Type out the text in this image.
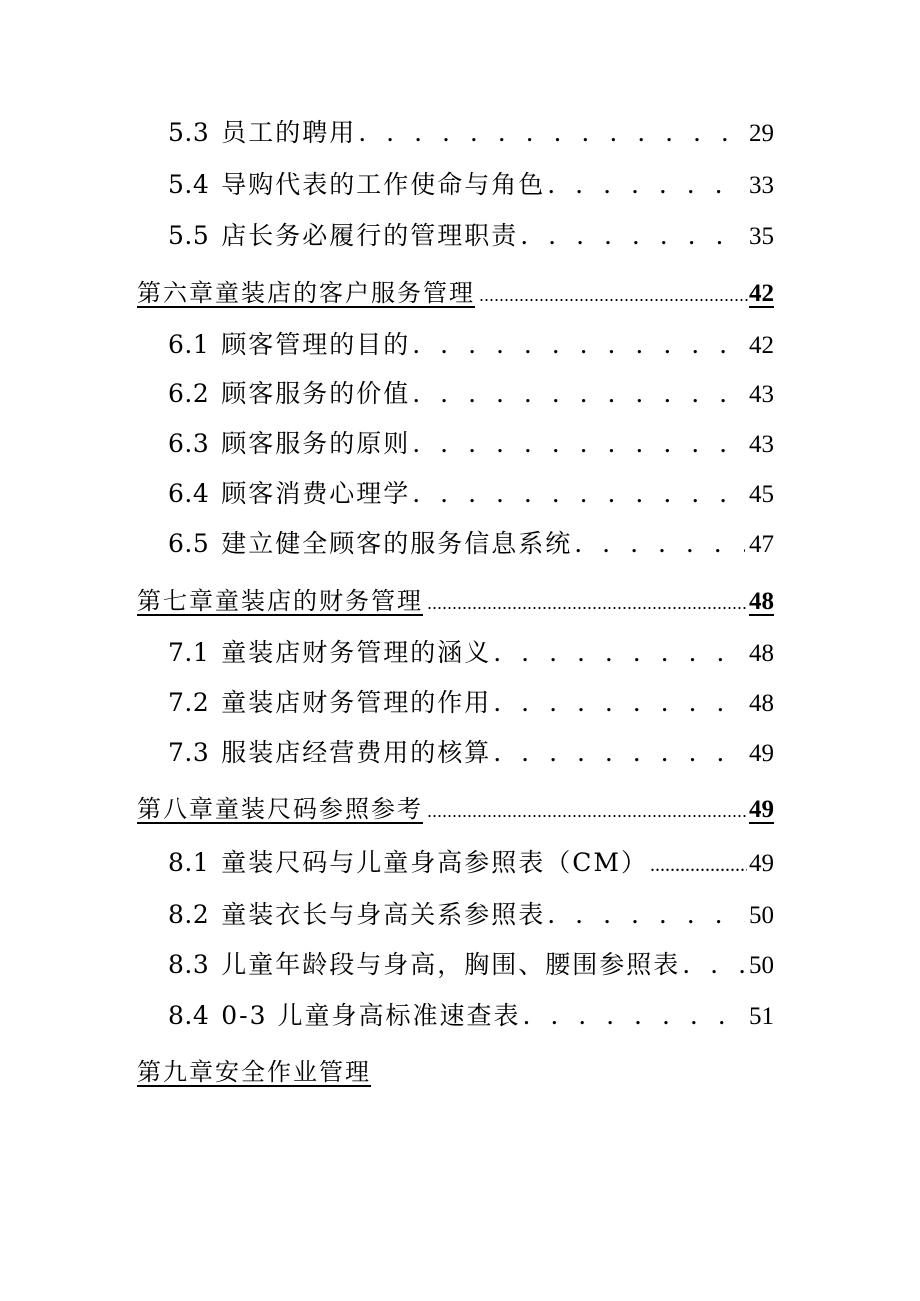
5.3 员工的聘用 . . .	29
5.4 导购代表的工作使命与角色 . . .	33
5.5 店长务必履行的管理职责 . . .	35
第六章童装店的客户服务管理 .....	42
6.1 顾客管理的目的 . . .	42
6.2 顾客服务的价值 . . .	43
6.3 顾客服务的原则 . . .	43
6.4 顾客消费心理学 . . .	45
6.5 建立健全顾客的服务信息系统 . . .	47
第七章童装店的财务管理 .....	48
7.1 童装店财务管理的涵义 . . .	48
7.2 童装店财务管理的作用 . . .	48
7.3 服装店经营费用的核算 . . .	49
第八章童装尺码参照参考 .....	49
8.1 童装尺码与儿童身高参照表（CM） .....	49
8.2 童装衣长与身高关系参照表 . . .	50
8.3 儿童年龄段与身高，胸围、腰围参照表 . . .	50
8.4 0-3 儿童身高标准速查表 . . .	51
第九章安全作业管理
